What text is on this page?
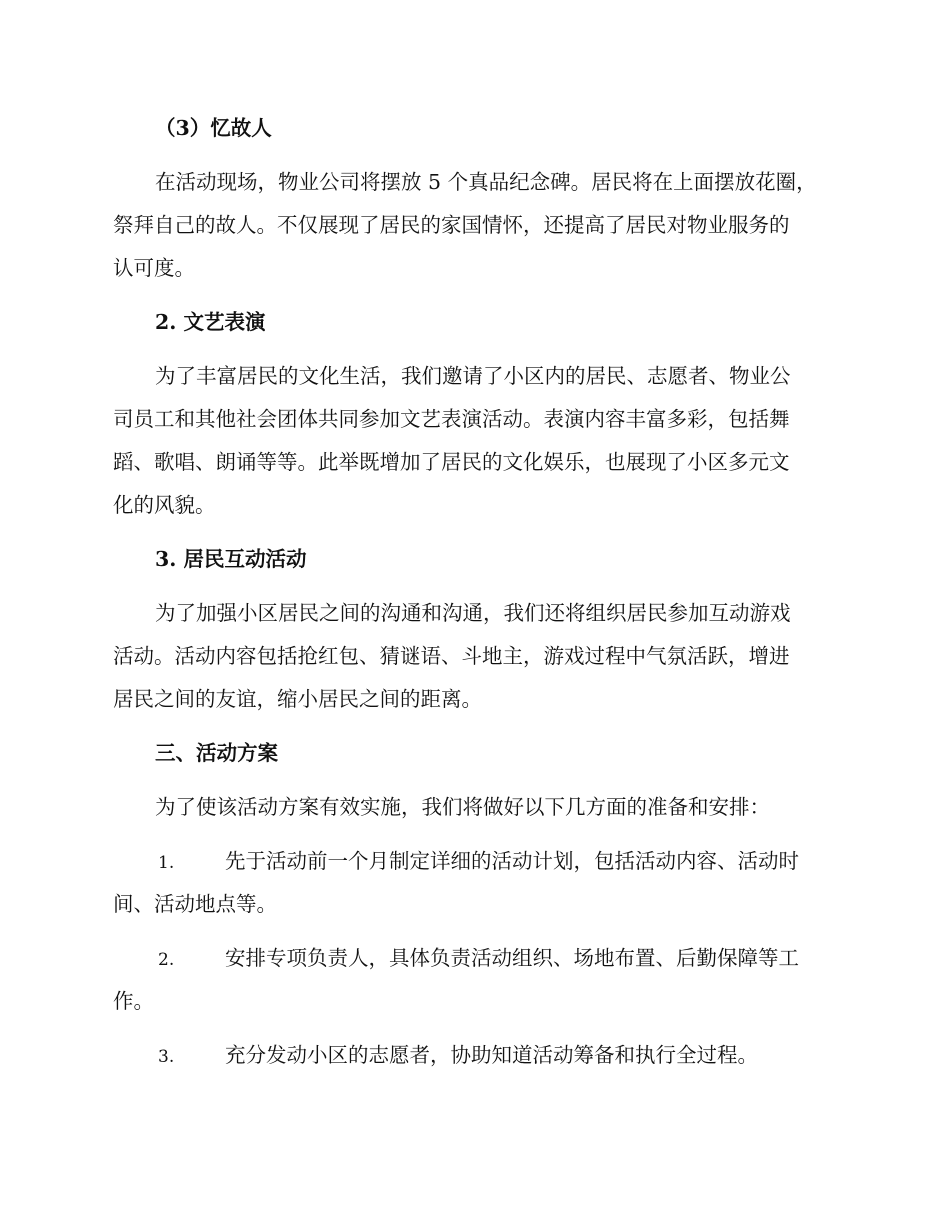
（3）忆故人
在活动现场，物业公司将摆放 5 个真品纪念碑。居民将在上面摆放花圈，
祭拜自己的故人。不仅展现了居民的家国情怀，还提高了居民对物业服务的
认可度。
2. 文艺表演
为了丰富居民的文化生活，我们邀请了小区内的居民、志愿者、物业公
司员工和其他社会团体共同参加文艺表演活动。表演内容丰富多彩，包括舞
蹈、歌唱、朗诵等等。此举既增加了居民的文化娱乐，也展现了小区多元文
化的风貌。
3. 居民互动活动
为了加强小区居民之间的沟通和沟通，我们还将组织居民参加互动游戏
活动。活动内容包括抢红包、猜谜语、斗地主，游戏过程中气氛活跃，增进
居民之间的友谊，缩小居民之间的距离。
三、活动方案
为了使该活动方案有效实施，我们将做好以下几方面的准备和安排：
1. 先于活动前一个月制定详细的活动计划，包括活动内容、活动时
间、活动地点等。
2. 安排专项负责人，具体负责活动组织、场地布置、后勤保障等工
作。
3. 充分发动小区的志愿者，协助知道活动筹备和执行全过程。
